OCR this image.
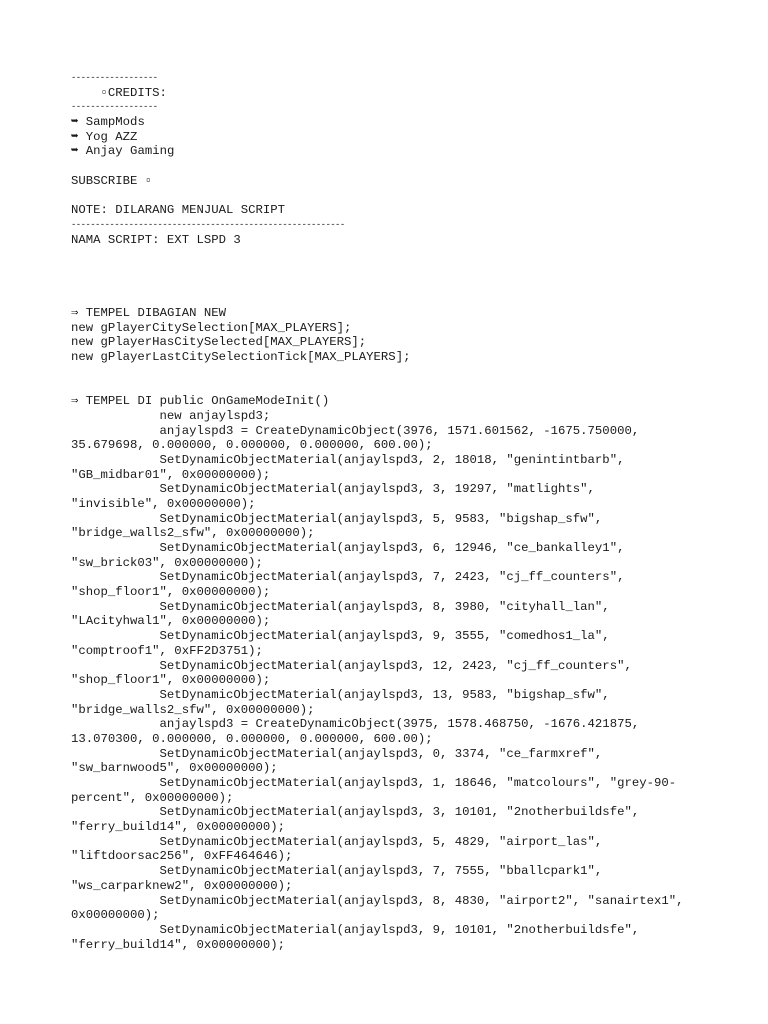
------------------
▫CREDITS:
------------------
➥ SampMods
➥ Yog AZZ
➥ Anjay Gaming
SUBSCRIBE ▫
NOTE: DILARANG MENJUAL SCRIPT
---------------------------------------------------------
NAMA SCRIPT: EXT LSPD 3
⇒ TEMPEL DIBAGIAN NEW
new gPlayerCitySelection[MAX_PLAYERS];
new gPlayerHasCitySelected[MAX_PLAYERS];
new gPlayerLastCitySelectionTick[MAX_PLAYERS];
⇒ TEMPEL DI public OnGameModeInit()
new anjaylspd3;
anjaylspd3 = CreateDynamicObject(3976, 1571.601562, -1675.750000,
35.679698, 0.000000, 0.000000, 0.000000, 600.00);
SetDynamicObjectMaterial(anjaylspd3, 2, 18018, "genintintbarb",
"GB_midbar01", 0x00000000);
SetDynamicObjectMaterial(anjaylspd3, 3, 19297, "matlights",
"invisible", 0x00000000);
SetDynamicObjectMaterial(anjaylspd3, 5, 9583, "bigshap_sfw",
"bridge_walls2_sfw", 0x00000000);
SetDynamicObjectMaterial(anjaylspd3, 6, 12946, "ce_bankalley1",
"sw_brick03", 0x00000000);
SetDynamicObjectMaterial(anjaylspd3, 7, 2423, "cj_ff_counters",
"shop_floor1", 0x00000000);
SetDynamicObjectMaterial(anjaylspd3, 8, 3980, "cityhall_lan",
"LAcityhwal1", 0x00000000);
SetDynamicObjectMaterial(anjaylspd3, 9, 3555, "comedhos1_la",
"comptroof1", 0xFF2D3751);
SetDynamicObjectMaterial(anjaylspd3, 12, 2423, "cj_ff_counters",
"shop_floor1", 0x00000000);
SetDynamicObjectMaterial(anjaylspd3, 13, 9583, "bigshap_sfw",
"bridge_walls2_sfw", 0x00000000);
anjaylspd3 = CreateDynamicObject(3975, 1578.468750, -1676.421875,
13.070300, 0.000000, 0.000000, 0.000000, 600.00);
SetDynamicObjectMaterial(anjaylspd3, 0, 3374, "ce_farmxref",
"sw_barnwood5", 0x00000000);
SetDynamicObjectMaterial(anjaylspd3, 1, 18646, "matcolours", "grey-90-
percent", 0x00000000);
SetDynamicObjectMaterial(anjaylspd3, 3, 10101, "2notherbuildsfe",
"ferry_build14", 0x00000000);
SetDynamicObjectMaterial(anjaylspd3, 5, 4829, "airport_las",
"liftdoorsac256", 0xFF464646);
SetDynamicObjectMaterial(anjaylspd3, 7, 7555, "bballcpark1",
"ws_carparknew2", 0x00000000);
SetDynamicObjectMaterial(anjaylspd3, 8, 4830, "airport2", "sanairtex1",
0x00000000);
SetDynamicObjectMaterial(anjaylspd3, 9, 10101, "2notherbuildsfe",
"ferry_build14", 0x00000000);
